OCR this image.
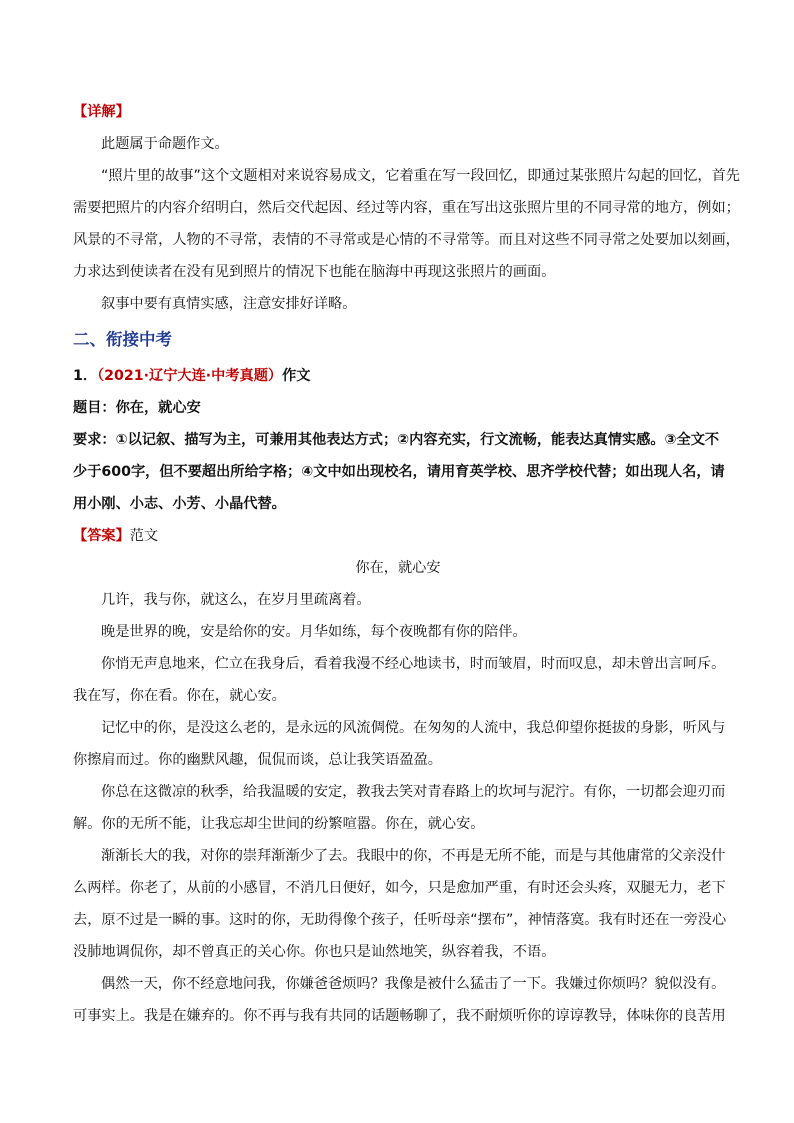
【详解】

此题属于命题作文。

“照片里的故事”这个文题相对来说容易成文，它着重在写一段回忆，即通过某张照片勾起的回忆，首先

需要把照片的内容介绍明白，然后交代起因、经过等内容，重在写出这张照片里的不同寻常的地方，例如；

风景的不寻常，人物的不寻常，表情的不寻常或是心情的不寻常等。而且对这些不同寻常之处要加以刻画，

力求达到使读者在没有见到照片的情况下也能在脑海中再现这张照片的画面。

叙事中要有真情实感，注意安排好详略。

二、衔接中考

1．（2021·辽宁大连·中考真题）作文

题目：你在，就心安

要求：①以记叙、描写为主，可兼用其他表达方式；②内容充实，行文流畅，能表达真情实感。③全文不

少于600字，但不要超出所给字格；④文中如出现校名，请用育英学校、思齐学校代替；如出现人名，请

用小刚、小志、小芳、小晶代替。

【答案】范文

你在，就心安

几许，我与你，就这么，在岁月里疏离着。

晚是世界的晚，安是给你的安。月华如练，每个夜晚都有你的陪伴。

你悄无声息地来，伫立在我身后，看着我漫不经心地读书，时而皱眉，时而叹息，却未曾出言呵斥。

我在写，你在看。你在，就心安。

记忆中的你，是没这么老的，是永远的风流倜傥。在匆匆的人流中，我总仰望你挺拔的身影，听风与

你擦肩而过。你的幽默风趣，侃侃而谈，总让我笑语盈盈。

你总在这微凉的秋季，给我温暖的安定，教我去笑对青春路上的坎坷与泥泞。有你，一切都会迎刃而

解。你的无所不能，让我忘却尘世间的纷繁喧嚣。你在，就心安。

渐渐长大的我，对你的崇拜渐渐少了去。我眼中的你，不再是无所不能，而是与其他庸常的父亲没什

么两样。你老了，从前的小感冒，不消几日便好，如今，只是愈加严重，有时还会头疼，双腿无力，老下

去，原不过是一瞬的事。这时的你，无助得像个孩子，任听母亲“摆布”，神情落寞。我有时还在一旁没心

没肺地调侃你，却不曾真正的关心你。你也只是讪然地笑，纵容着我，不语。

偶然一天，你不经意地问我，你嫌爸爸烦吗？我像是被什么猛击了一下。我嫌过你烦吗？貌似没有。

可事实上。我是在嫌弃的。你不再与我有共同的话题畅聊了，我不耐烦听你的谆谆教导，体味你的良苦用
